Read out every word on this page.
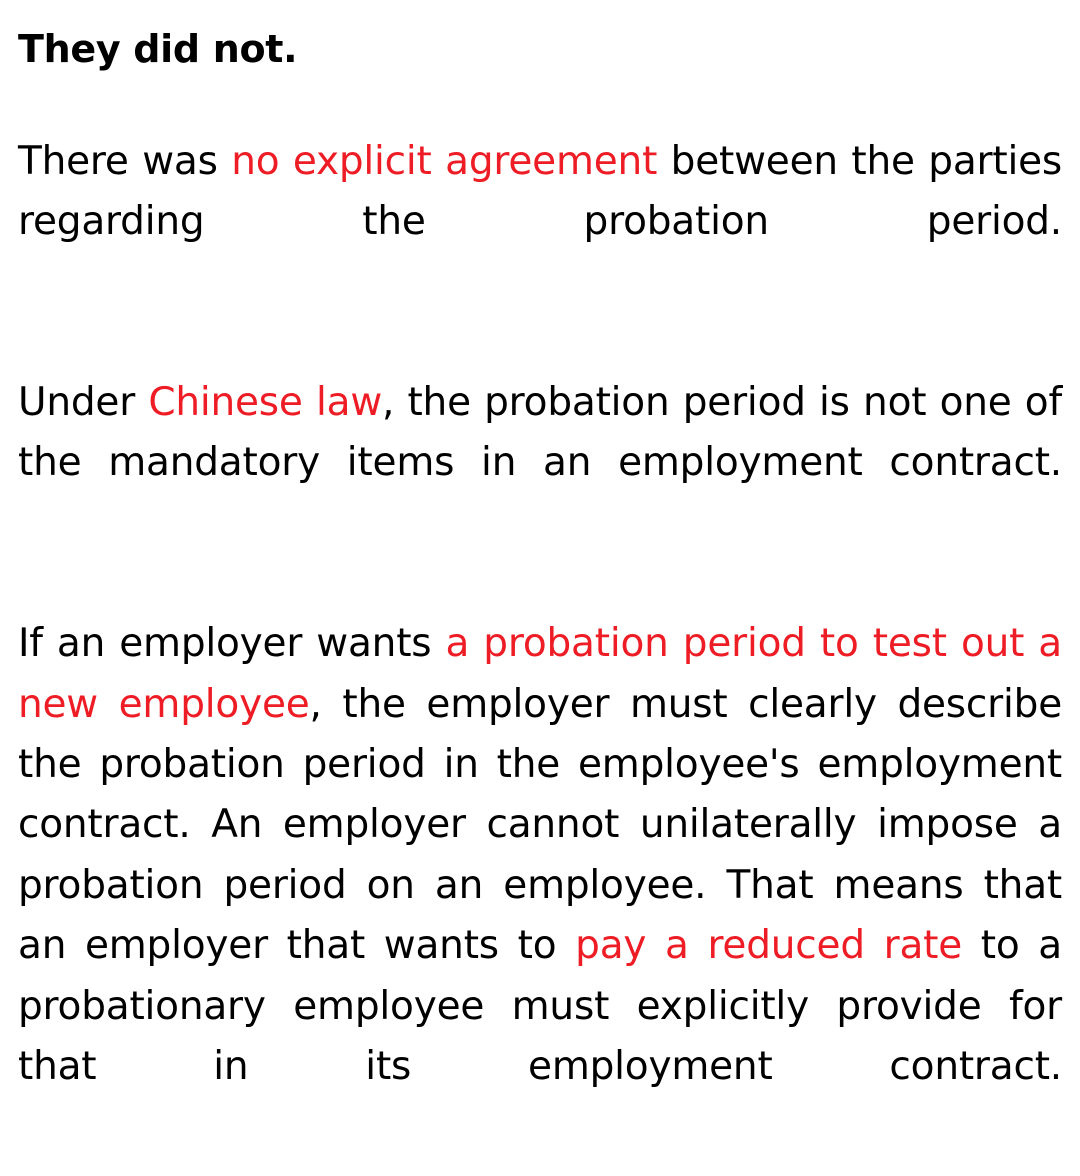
They did not.

There was no explicit agreement between the parties regarding the probation period.

Under Chinese law, the probation period is not one of the mandatory items in an employment contract.

If an employer wants a probation period to test out a new employee, the employer must clearly describe the probation period in the employee's employment contract. An employer cannot unilaterally impose a probation period on an employee. That means that an employer that wants to pay a reduced rate to a probationary employee must explicitly provide for that in its employment contract.
